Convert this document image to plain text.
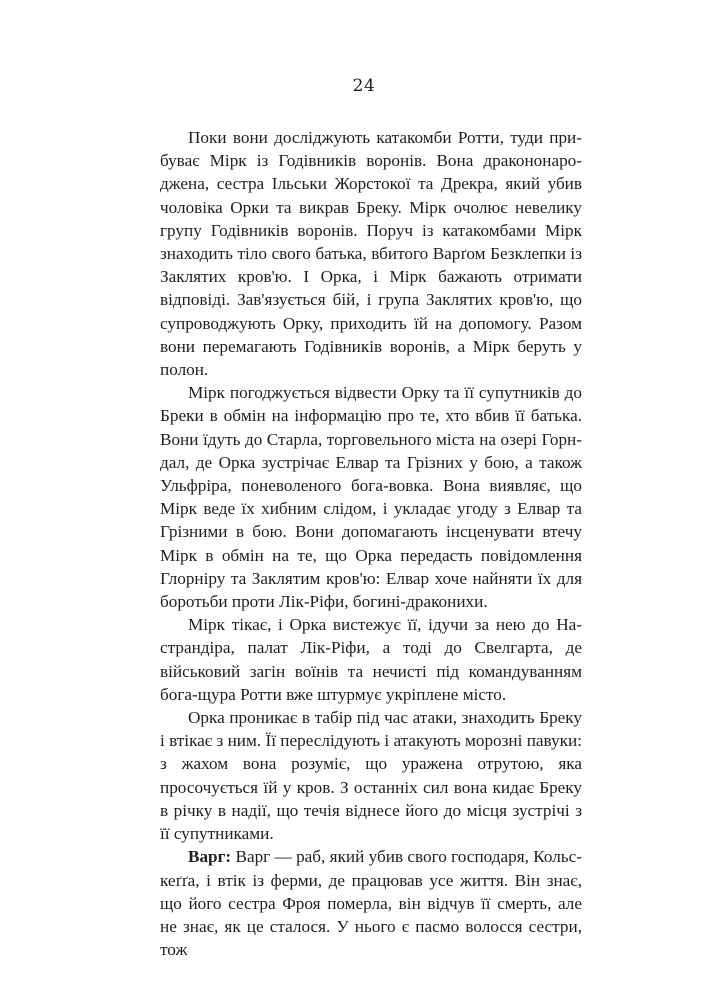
24

Поки вони досліджують катакомби Ротти, туди прибуває Мірк із Годівників воронів. Вона дракононароджена, сестра Ільськи Жорстокої та Дрекра, який убив чоловіка Орки та викрав Бреку. Мірк очолює невелику групу Годівників воронів. Поруч із катакомбами Мірк знаходить тіло свого батька, вбитого Варґом Безклепки із Заклятих кров'ю. І Орка, і Мірк бажають отримати відповіді. Зав'язується бій, і група Заклятих кров'ю, що супроводжують Орку, приходить їй на допомогу. Разом вони перемагають Годівників воронів, а Мірк беруть у полон.

Мірк погоджується відвести Орку та її супутників до Бреки в обмін на інформацію про те, хто вбив її батька. Вони їдуть до Старла, торговельного міста на озері Горндал, де Орка зустрічає Елвар та Грізних у бою, а також Ульфріра, поневоленого бога-вовка. Вона виявляє, що Мірк веде їх хибним слідом, і укладає угоду з Елвар та Грізними в бою. Вони допомагають інсценувати втечу Мірк в обмін на те, що Орка передасть повідомлення Глорніру та Заклятим кров'ю: Елвар хоче найняти їх для боротьби проти Лік-Ріфи, богині-драконихи.

Мірк тікає, і Орка вистежує її, ідучи за нею до Настрандіра, палат Лік-Ріфи, а тоді до Свелгарта, де військовий загін воїнів та нечисті під командуванням бога-щура Ротти вже штурмує укріплене місто.

Орка проникає в табір під час атаки, знаходить Бреку і втікає з ним. Її переслідують і атакують морозні павуки: з жахом вона розуміє, що уражена отрутою, яка просочується їй у кров. З останніх сил вона кидає Бреку в річку в надії, що течія віднесе його до місця зустрічі з її супутниками.

Варг: Варг — раб, який убив свого господаря, Кольскеґґа, і втік із ферми, де працював усе життя. Він знає, що його сестра Фроя померла, він відчув її смерть, але не знає, як це сталося. У нього є пасмо волосся сестри, тож
